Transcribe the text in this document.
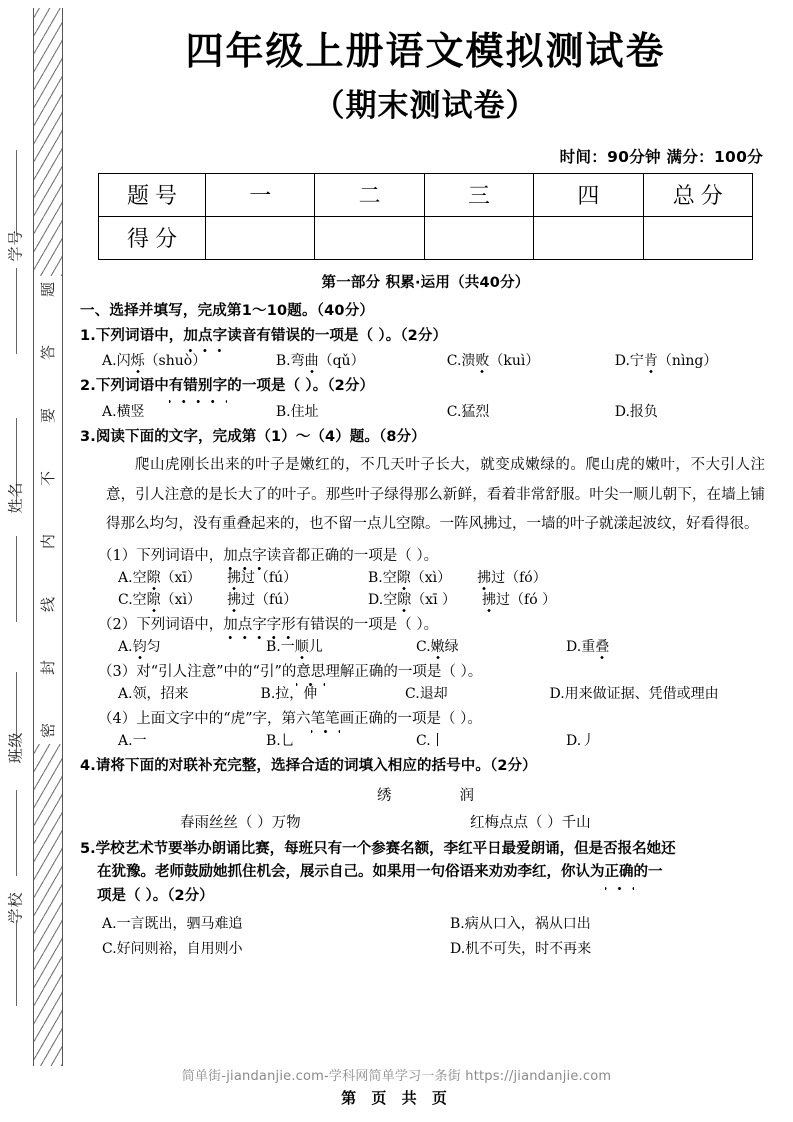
学号
姓名
班级
学校
题
答
要
不
内
线
封
密
四年级上册语文模拟测试卷
（期末测试卷）
时间：90分钟 满分：100分
题号	一	二	三	四	总分
得分					
第一部分 积累·运用（共40分）
一、选择并填写，完成第1～10题。（40分）
1.下列词语中，加点字读音有错误的一项是（ ）。（2分）
A.闪烁（shuò）	B.弯曲（qǔ）	C.溃败（kuì）	D.宁肯（nìng）
2.下列词语中有错别字的一项是（ ）。（2分）
A.横竖	B.住址	C.猛烈	D.报负
3.阅读下面的文字，完成第（1）～（4）题。（8分）
爬山虎刚长出来的叶子是嫩红的，不几天叶子长大，就变成嫩绿的。爬山虎的嫩叶，不大引人注意，引人注意的是长大了的叶子。那些叶子绿得那么新鲜，看着非常舒服。叶尖一顺儿朝下，在墙上铺得那么均匀，没有重叠起来的，也不留一点儿空隙。一阵风拂过，一墙的叶子就漾起波纹，好看得很。
（1）下列词语中，加点字读音都正确的一项是（ ）。
A.空隙（xī） 拂过（fú）	B.空隙（xì） 拂过（fó）
C.空隙（xì） 拂过（fú）	D.空隙（xī ） 拂过（fó ）
（2）下列词语中，加点字字形有错误的一项是（ ）。
A.钧匀	B.一顺儿	C.嫩绿	D.重叠
（3）对“引人注意”中的“引”的意思理解正确的一项是（ ）。
A.领，招来	B.拉，伸	C.退却	D.用来做证据、凭借或理由
（4）上面文字中的“虎”字，第六笔笔画正确的一项是（ ）。
A.一	B.乚	C.丨	D.丿
4.请将下面的对联补充完整，选择合适的词填入相应的括号中。（2分）
绣	润
春雨丝丝（ ）万物	红梅点点（ ）千山
5.学校艺术节要举办朗诵比赛，每班只有一个参赛名额，李红平日最爱朗诵，但是否报名她还
在犹豫。老师鼓励她抓住机会，展示自己。如果用一句俗语来劝劝李红，你认为正确的一
项是（ ）。（2分）
A.一言既出，驷马难追	B.病从口入，祸从口出
C.好问则裕，自用则小	D.机不可失，时不再来
简单街-jiandanjie.com-学科网简单学习一条街 https://jiandanjie.com
第 页 共 页
